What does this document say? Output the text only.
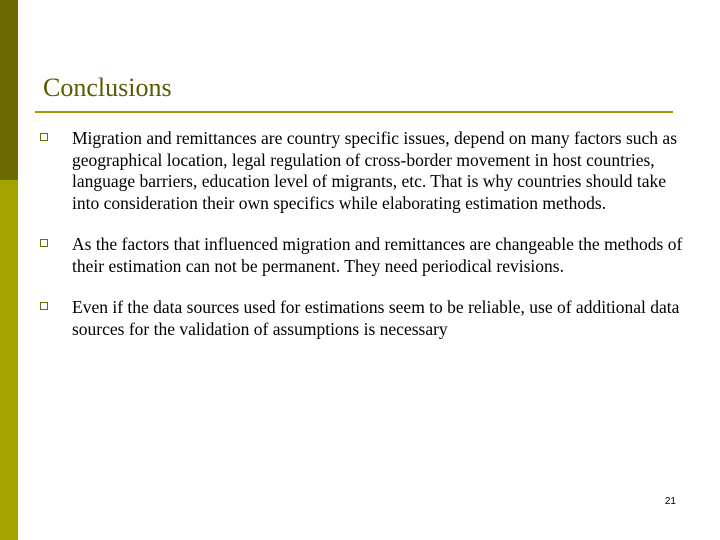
Conclusions
Migration and remittances are country specific issues, depend on many factors such as geographical location, legal regulation of cross-border movement in host countries, language barriers, education level of migrants, etc. That is why countries should take into consideration their own specifics while elaborating estimation methods.
As the factors that influenced migration and remittances are changeable the methods of their estimation can not be permanent. They need periodical revisions.
Even if the data sources used for estimations seem to be reliable, use of additional data sources for the validation of assumptions is necessary
21
